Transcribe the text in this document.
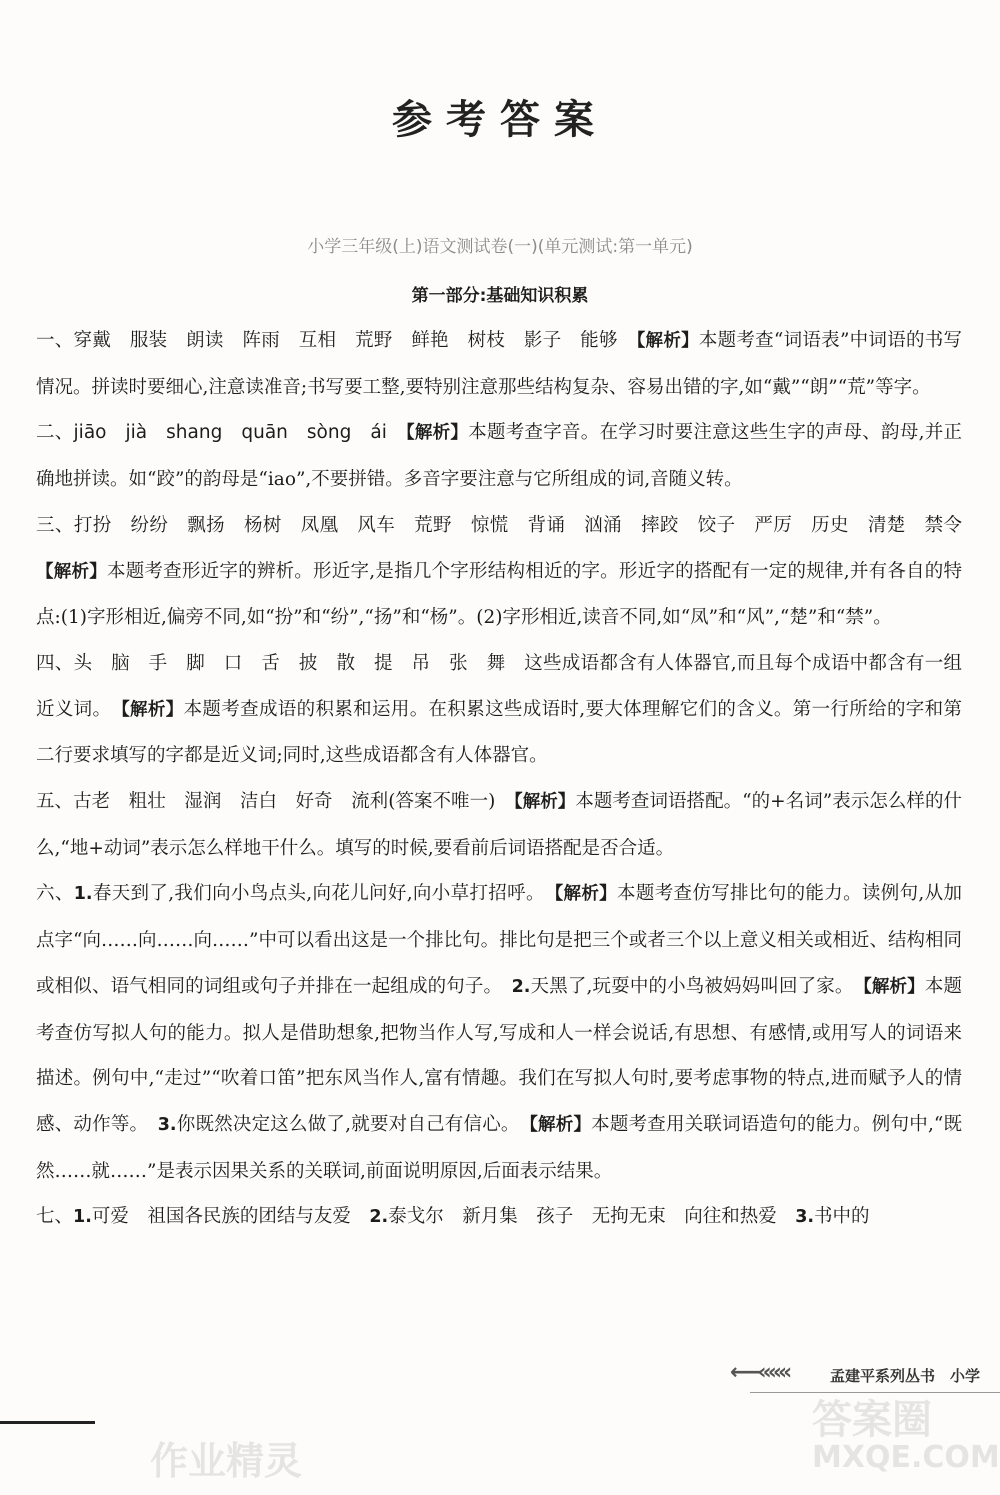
参考答案
小学三年级(上)语文测试卷(一)(单元测试:第一单元)
第一部分:基础知识积累

一、穿戴　服装　朗读　阵雨　互相　荒野　鲜艳　树枝　影子　能够　【解析】本题考查“词语表”中词语的书写情况。拼读时要细心,注意读准音;书写要工整,要特别注意那些结构复杂、容易出错的字,如“戴”“朗”“荒”等字。

二、jiāo　jià　shang　quān　sòng　ái　【解析】本题考查字音。在学习时要注意这些生字的声母、韵母,并正确地拼读。如“跤”的韵母是“iao”,不要拼错。多音字要注意与它所组成的词,音随义转。

三、打扮　纷纷　飘扬　杨树　凤凰　风车　荒野　惊慌　背诵　汹涌　摔跤　饺子　严厉　历史　清楚　禁令　【解析】本题考查形近字的辨析。形近字,是指几个字形结构相近的字。形近字的搭配有一定的规律,并有各自的特点:(1)字形相近,偏旁不同,如“扮”和“纷”,“扬”和“杨”。(2)字形相近,读音不同,如“凤”和“风”,“楚”和“禁”。

四、头　脑　手　脚　口　舌　披　散　提　吊　张　舞　这些成语都含有人体器官,而且每个成语中都含有一组近义词。　【解析】本题考查成语的积累和运用。在积累这些成语时,要大体理解它们的含义。第一行所给的字和第二行要求填写的字都是近义词;同时,这些成语都含有人体器官。

五、古老　粗壮　湿润　洁白　好奇　流利(答案不唯一)　【解析】本题考查词语搭配。“的+名词”表示怎么样的什么,“地+动词”表示怎么样地干什么。填写的时候,要看前后词语搭配是否合适。

六、1.春天到了,我们向小鸟点头,向花儿问好,向小草打招呼。　【解析】本题考查仿写排比句的能力。读例句,从加点字“向……向……向……”中可以看出这是一个排比句。排比句是把三个或者三个以上意义相关或相近、结构相同或相似、语气相同的词组或句子并排在一起组成的句子。　2.天黑了,玩耍中的小鸟被妈妈叫回了家。　【解析】本题考查仿写拟人句的能力。拟人是借助想象,把物当作人写,写成和人一样会说话,有思想、有感情,或用写人的词语来描述。例句中,“走过”“吹着口笛”把东风当作人,富有情趣。我们在写拟人句时,要考虑事物的特点,进而赋予人的情感、动作等。　3.你既然决定这么做了,就要对自己有信心。　【解析】本题考查用关联词语造句的能力。例句中,“既然……就……”是表示因果关系的关联词,前面说明原因,后面表示结果。

七、1.可爱　祖国各民族的团结与友爱　2.泰戈尔　新月集　孩子　无拘无束　向往和热爱　3.书中的

⟵«««	孟建平系列丛书　小学
作业精灵
答案圈
MXQE.COM
